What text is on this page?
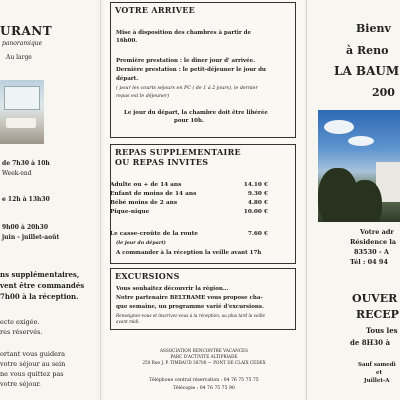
URANT
panoramique
Au large
de 7h30 à 10h
Week-end
e 12h à 13h30
9h00 à 20h30
juin - juillet-août
ns supplémentaires,
vent être commandés
7h00 à la réception.
ecte exigée.
res réservés.
ortant vous guidera
votre séjour au sein
ne vous quittez pas
votre séjour.
VOTRE ARRIVEE
Mise à disposition des chambres à partir de
16h00.
Première prestation : le dîner jour d' arrivée.
Dernière prestation : le petit-déjeuner le jour du
départ.
( pour les courts séjours en PC ( de 1 à 2 jours), le dernier
repas est le déjeuner)
Le jour du départ, la chambre doit être libérée
pour 10h.
REPAS SUPPLEMENTAIRE
OU REPAS INVITES
Adulte ou + de 14 ans	14.10 €
Enfant de moins de 14 ans	9.30 €
Bébé moins de 2 ans	4.80 €
Pique-nique	10.00 €
Le casse-croûte de la route	7.60 €
(le jour du départ)
A commander à la réception la veille avant 17h
EXCURSIONS
Vous souhaitez découvrir la région…
Notre partenaire BELTRAME vous propose cha-
que semaine, un programme varié d'excursions.
Renseignez-vous et inscrivez-vous à la réception, au plus tard la veille
avant midi.
ASSOCIATION RENCONTRE VACANCES
PARC D'ACTIVITE ALTIPRIADE
250 Rue J. P. TIMBAUD 38700 — PONT DE CLAIX CEDEX
Téléphone central réservation : 04 76 75 75 75
Télécopie : 04 76 75 75 90
Bienv
à Reno
LA BAUM
200
Votre adr
Résidence la
83530 - A
Tél : 04 94
OUVER
RECEP
Tous les
de 8H30 à
Sauf samedi
et
Juillet-A
